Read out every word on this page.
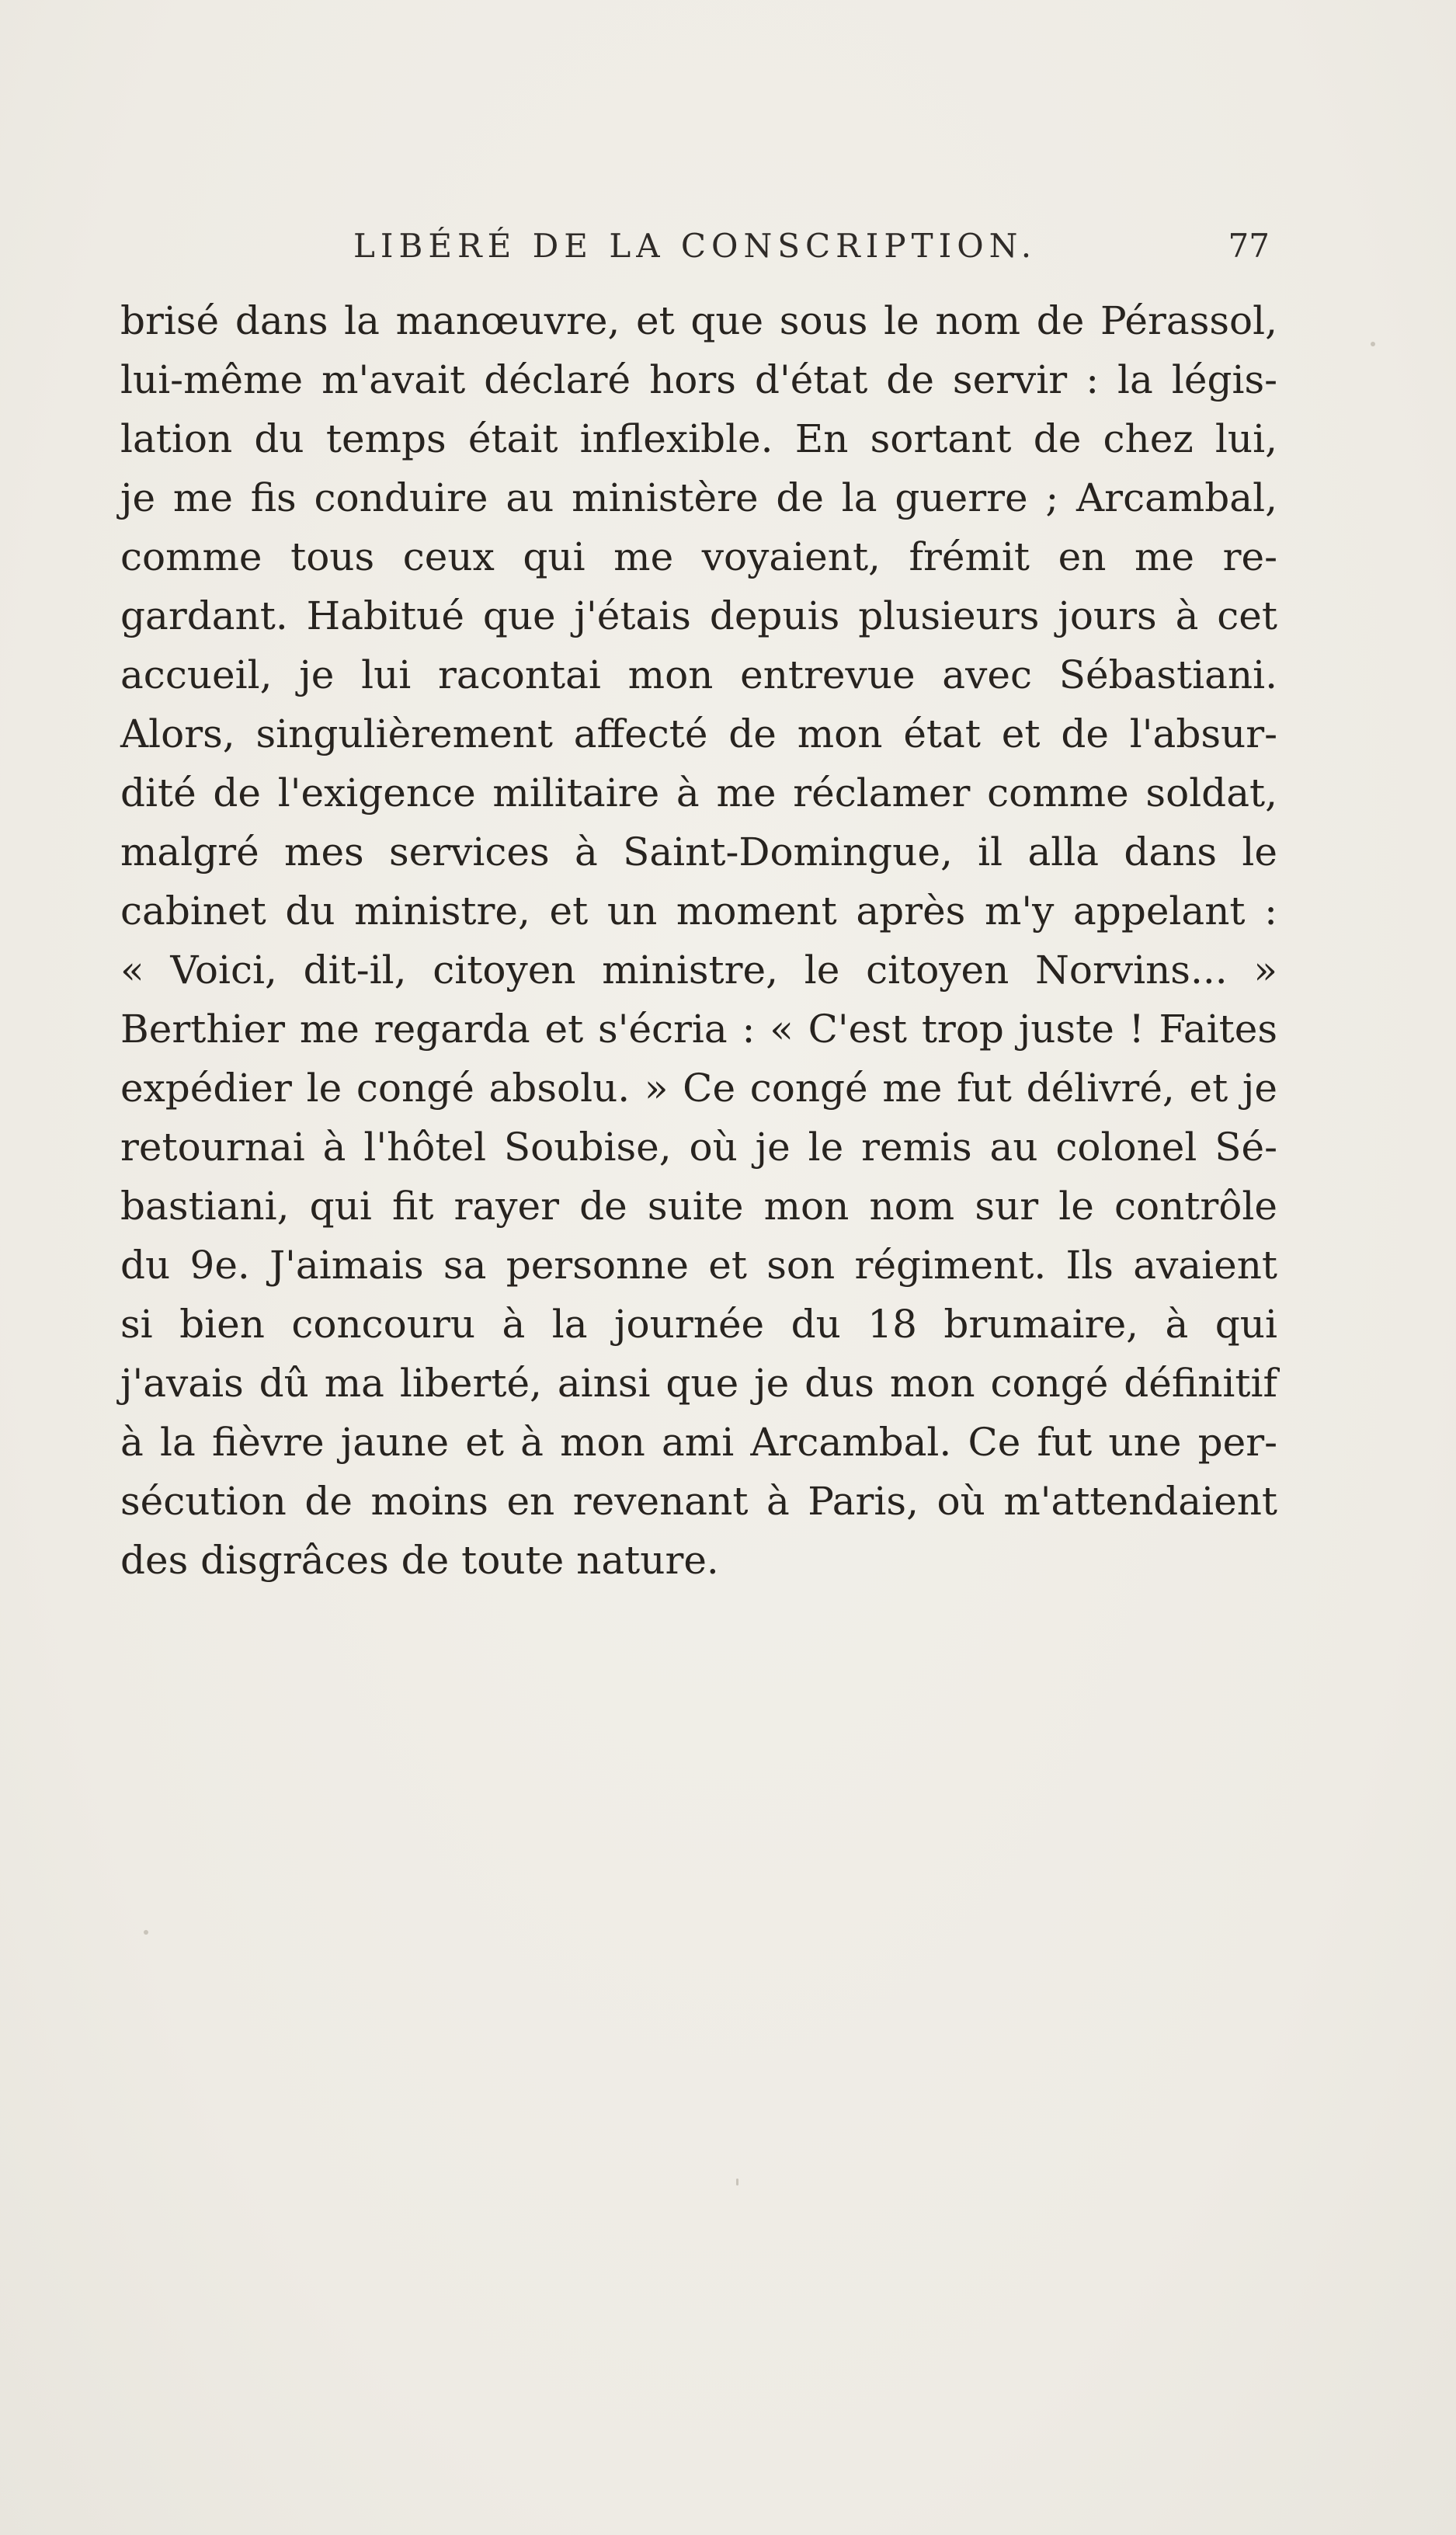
LIBÉRÉ DE LA CONSCRIPTION.	77
brisé dans la manœuvre, et que sous le nom de Pérassol,
lui-même m'avait déclaré hors d'état de servir : la légis-
lation du temps était inflexible. En sortant de chez lui,
je me fis conduire au ministère de la guerre ; Arcambal,
comme tous ceux qui me voyaient, frémit en me re-
gardant. Habitué que j'étais depuis plusieurs jours à cet
accueil, je lui racontai mon entrevue avec Sébastiani.
Alors, singulièrement affecté de mon état et de l'absur-
dité de l'exigence militaire à me réclamer comme soldat,
malgré mes services à Saint-Domingue, il alla dans le
cabinet du ministre, et un moment après m'y appelant :
« Voici, dit-il, citoyen ministre, le citoyen Norvins... »
Berthier me regarda et s'écria : « C'est trop juste ! Faites
expédier le congé absolu. » Ce congé me fut délivré, et je
retournai à l'hôtel Soubise, où je le remis au colonel Sé-
bastiani, qui fit rayer de suite mon nom sur le contrôle
du 9e. J'aimais sa personne et son régiment. Ils avaient
si bien concouru à la journée du 18 brumaire, à qui
j'avais dû ma liberté, ainsi que je dus mon congé définitif
à la fièvre jaune et à mon ami Arcambal. Ce fut une per-
sécution de moins en revenant à Paris, où m'attendaient
des disgrâces de toute nature.
